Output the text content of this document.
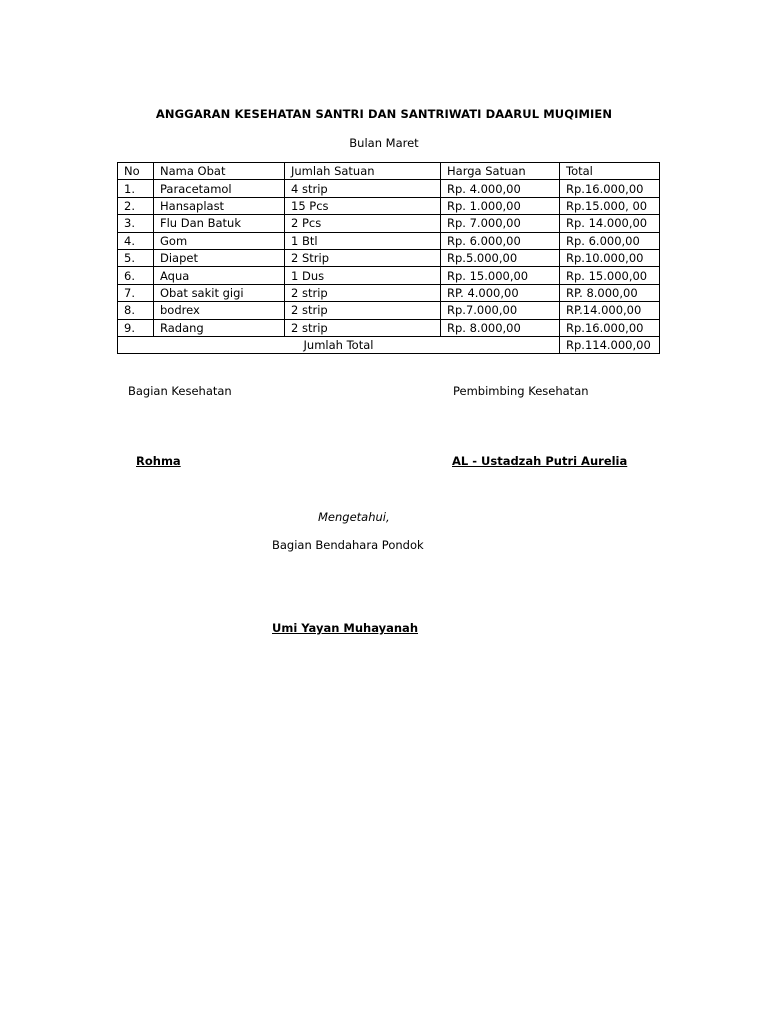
ANGGARAN KESEHATAN SANTRI DAN SANTRIWATI DAARUL MUQIMIEN
Bulan Maret
No	Nama Obat	Jumlah Satuan	Harga Satuan	Total
1.	Paracetamol	4 strip	Rp. 4.000,00	Rp.16.000,00
2.	Hansaplast	15 Pcs	Rp. 1.000,00	Rp.15.000, 00
3.	Flu Dan Batuk	2 Pcs	Rp. 7.000,00	Rp. 14.000,00
4.	Gom	1 Btl	Rp. 6.000,00	Rp. 6.000,00
5.	Diapet	2 Strip	Rp.5.000,00	Rp.10.000,00
6.	Aqua	1 Dus	Rp. 15.000,00	Rp. 15.000,00
7.	Obat sakit gigi	2 strip	RP. 4.000,00	RP. 8.000,00
8.	bodrex	2 strip	Rp.7.000,00	RP.14.000,00
9.	Radang	2 strip	Rp. 8.000,00	Rp.16.000,00
Jumlah Total				Rp.114.000,00
Bagian Kesehatan
Rohma
Pembimbing Kesehatan
AL - Ustadzah Putri Aurelia
Mengetahui,
Bagian Bendahara Pondok
Umi Yayan Muhayanah
